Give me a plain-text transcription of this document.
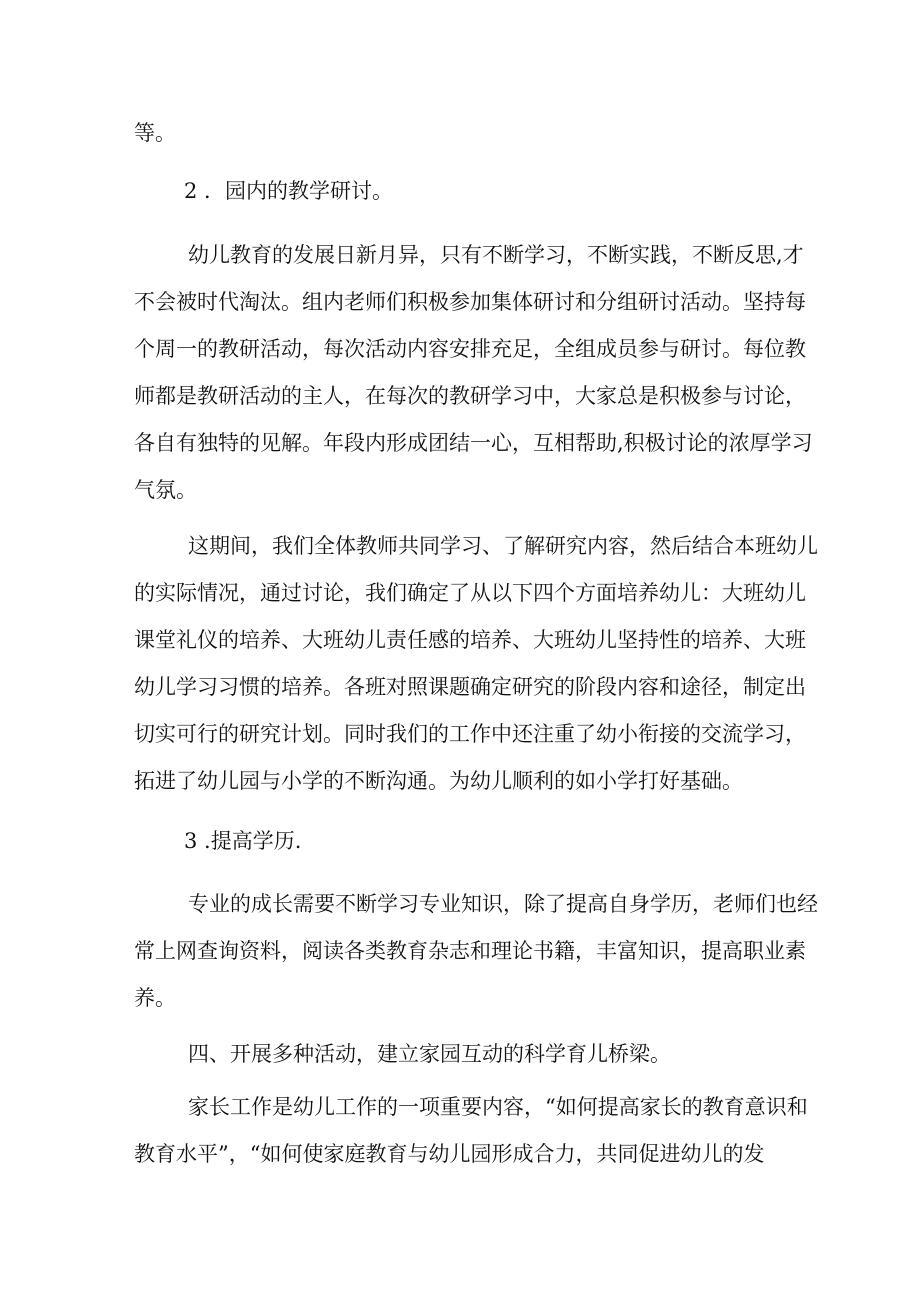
等。

2 ．园内的教学研讨。

幼儿教育的发展日新月异，只有不断学习，不断实践，不断反思,才

不会被时代淘汰。组内老师们积极参加集体研讨和分组研讨活动。坚持每

个周一的教研活动，每次活动内容安排充足，全组成员参与研讨。每位教

师都是教研活动的主人，在每次的教研学习中，大家总是积极参与讨论，

各自有独特的见解。年段内形成团结一心，互相帮助,积极讨论的浓厚学习

气氛。

这期间，我们全体教师共同学习、了解研究内容，然后结合本班幼儿

的实际情况，通过讨论，我们确定了从以下四个方面培养幼儿：大班幼儿

课堂礼仪的培养、大班幼儿责任感的培养、大班幼儿坚持性的培养、大班

幼儿学习习惯的培养。各班对照课题确定研究的阶段内容和途径，制定出

切实可行的研究计划。同时我们的工作中还注重了幼小衔接的交流学习，

拓进了幼儿园与小学的不断沟通。为幼儿顺利的如小学打好基础。

3 .提高学历.

专业的成长需要不断学习专业知识，除了提高自身学历，老师们也经

常上网查询资料，阅读各类教育杂志和理论书籍，丰富知识，提高职业素

养。

四、开展多种活动，建立家园互动的科学育儿桥梁。

家长工作是幼儿工作的一项重要内容，“如何提高家长的教育意识和

教育水平”，“如何使家庭教育与幼儿园形成合力，共同促进幼儿的发
